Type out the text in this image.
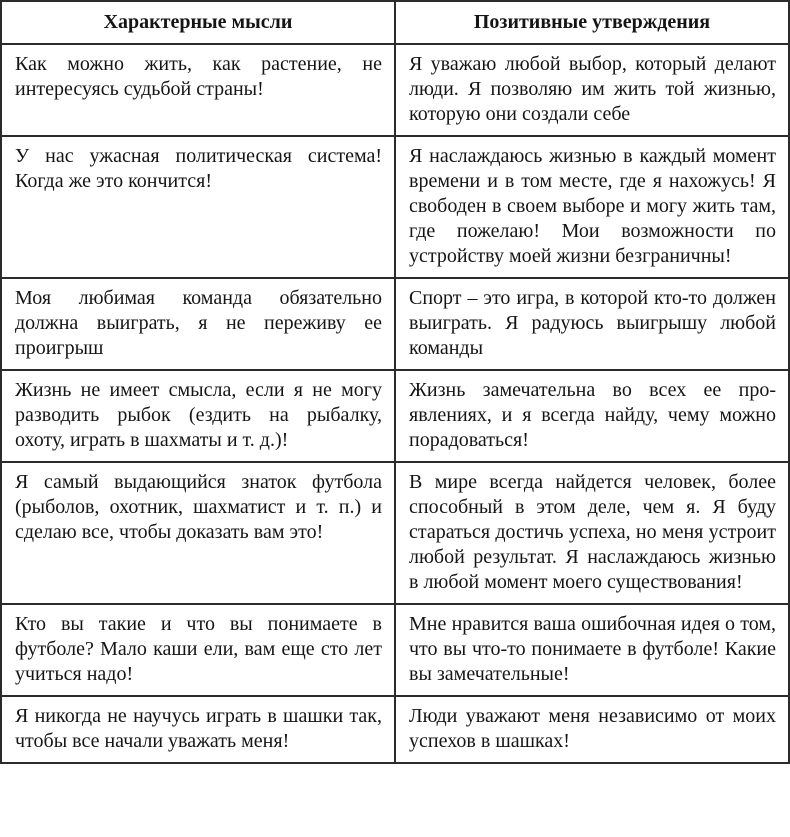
Характерные мысли	Позитивные утверждения
Как можно жить, как растение, не интересуясь судьбой страны!	Я уважаю любой выбор, который делают люди. Я позволяю им жить той жизнью, которую они создали себе
У нас ужасная политическая система! Когда же это кончится!	Я наслаждаюсь жизнью в каждый момент времени и в том месте, где я нахожусь! Я свободен в своем выборе и могу жить там, где пожелаю! Мои возможности по устройству моей жизни безграничны!
Моя любимая команда обязательно должна выиграть, я не переживу ее проигрыш	Спорт – это игра, в которой кто-то должен выиграть. Я радуюсь выигрышу любой команды
Жизнь не имеет смысла, если я не могу разводить рыбок (ездить на рыбалку, охоту, играть в шахматы и т. д.)!	Жизнь замечательна во всех ее проявлениях, и я всегда найду, чему можно порадоваться!
Я самый выдающийся знаток футбола (рыболов, охотник, шахматист и т. п.) и сделаю все, чтобы доказать вам это!	В мире всегда найдется человек, более способный в этом деле, чем я. Я буду стараться достичь успеха, но меня устроит любой результат. Я наслаждаюсь жизнью в любой момент моего существования!
Кто вы такие и что вы понимаете в футболе? Мало каши ели, вам еще сто лет учиться надо!	Мне нравится ваша ошибочная идея о том, что вы что-то понимаете в футболе! Какие вы замечательные!
Я никогда не научусь играть в шашки так, чтобы все начали уважать меня!	Люди уважают меня независимо от моих успехов в шашках!
